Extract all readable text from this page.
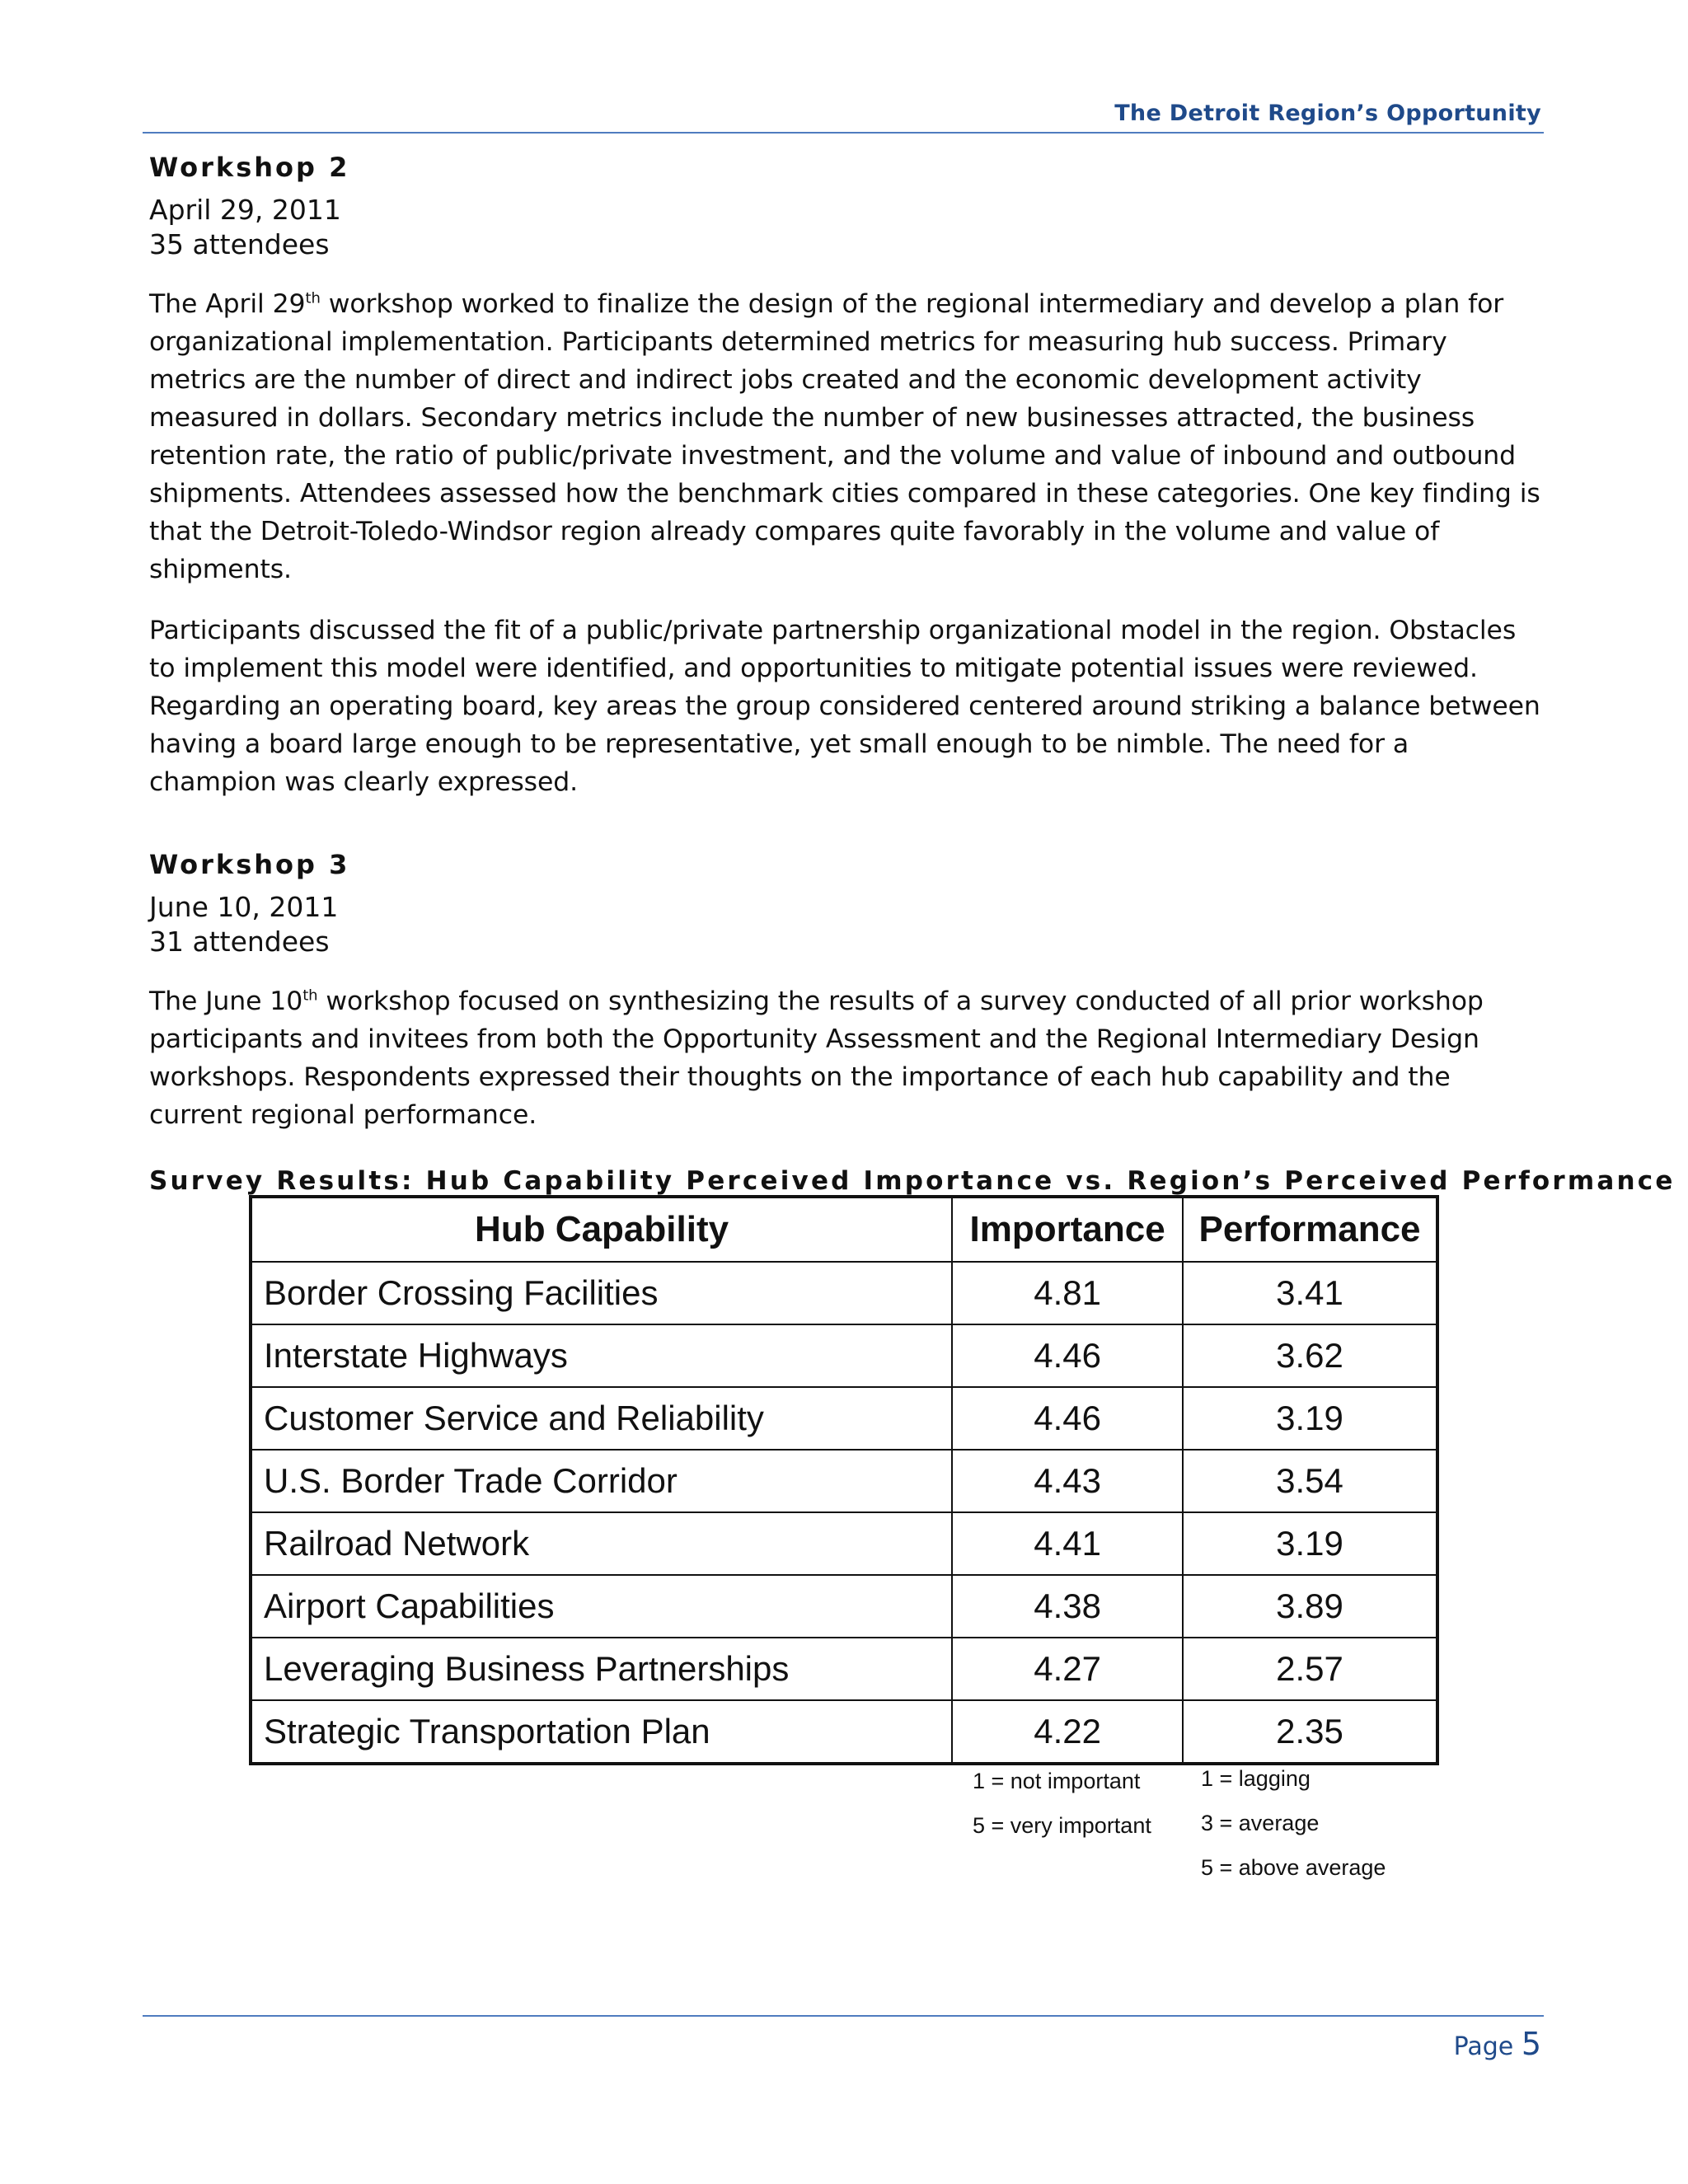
The Detroit Region’s Opportunity
Workshop 2
April 29, 2011
35 attendees

The April 29th workshop worked to finalize the design of the regional intermediary and develop a plan for organizational implementation. Participants determined metrics for measuring hub success. Primary metrics are the number of direct and indirect jobs created and the economic development activity measured in dollars. Secondary metrics include the number of new businesses attracted, the business retention rate, the ratio of public/private investment, and the volume and value of inbound and outbound shipments. Attendees assessed how the benchmark cities compared in these categories. One key finding is that the Detroit-Toledo-Windsor region already compares quite favorably in the volume and value of shipments.

Participants discussed the fit of a public/private partnership organizational model in the region. Obstacles to implement this model were identified, and opportunities to mitigate potential issues were reviewed. Regarding an operating board, key areas the group considered centered around striking a balance between having a board large enough to be representative, yet small enough to be nimble. The need for a champion was clearly expressed.

Workshop 3
June 10, 2011
31 attendees

The June 10th workshop focused on synthesizing the results of a survey conducted of all prior workshop participants and invitees from both the Opportunity Assessment and the Regional Intermediary Design workshops. Respondents expressed their thoughts on the importance of each hub capability and the current regional performance.

Survey Results: Hub Capability Perceived Importance vs. Region’s Perceived Performance
Hub Capability	Importance	Performance
Border Crossing Facilities	4.81	3.41
Interstate Highways	4.46	3.62
Customer Service and Reliability	4.46	3.19
U.S. Border Trade Corridor	4.43	3.54
Railroad Network	4.41	3.19
Airport Capabilities	4.38	3.89
Leveraging Business Partnerships	4.27	2.57
Strategic Transportation Plan	4.22	2.35

1 = not important

5 = very important

1 = lagging

3 = average

5 = above average

Page 5
